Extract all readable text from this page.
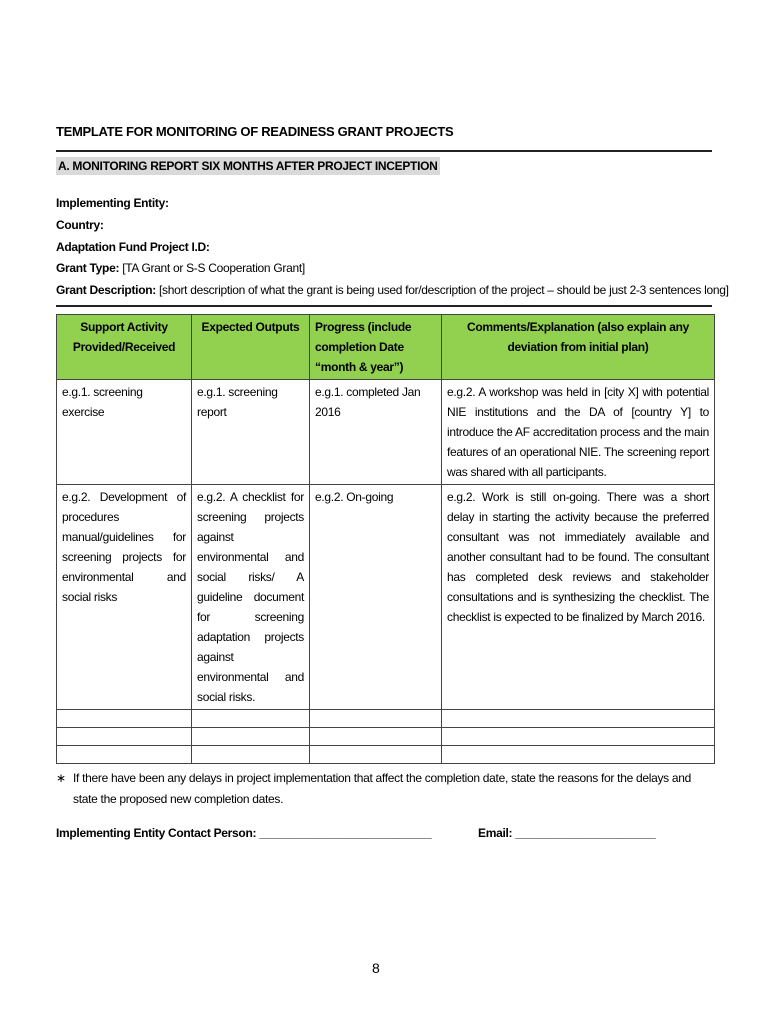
TEMPLATE FOR MONITORING OF READINESS GRANT PROJECTS
A. MONITORING REPORT SIX MONTHS AFTER PROJECT INCEPTION
Implementing Entity:
Country:
Adaptation Fund Project I.D:
Grant Type: [TA Grant or S-S Cooperation Grant]
Grant Description: [short description of what the grant is being used for/description of the project – should be just 2-3 sentences long]
Support Activity Provided/Received	Expected Outputs	Progress (include completion Date “month & year”)	Comments/Explanation (also explain any deviation from initial plan)
e.g.1. screening exercise	e.g.1. screening report	e.g.1. completed Jan 2016	e.g.2. A workshop was held in [city X] with potential NIE institutions and the DA of [country Y] to introduce the AF accreditation process and the main features of an operational NIE. The screening report was shared with all participants.
e.g.2. Development of procedures manual/guidelines for screening projects for environmental and social risks	e.g.2. A checklist for screening projects against environmental and social risks/ A guideline document for screening adaptation projects against environmental and social risks.	e.g.2. On-going	e.g.2. Work is still on-going. There was a short delay in starting the activity because the preferred consultant was not immediately available and another consultant had to be found. The consultant has completed desk reviews and stakeholder consultations and is synthesizing the checklist. The checklist is expected to be finalized by March 2016.

∗ If there have been any delays in project implementation that affect the completion date, state the reasons for the delays and state the proposed new completion dates.
Implementing Entity Contact Person: ___________________________	Email: ______________________
8
